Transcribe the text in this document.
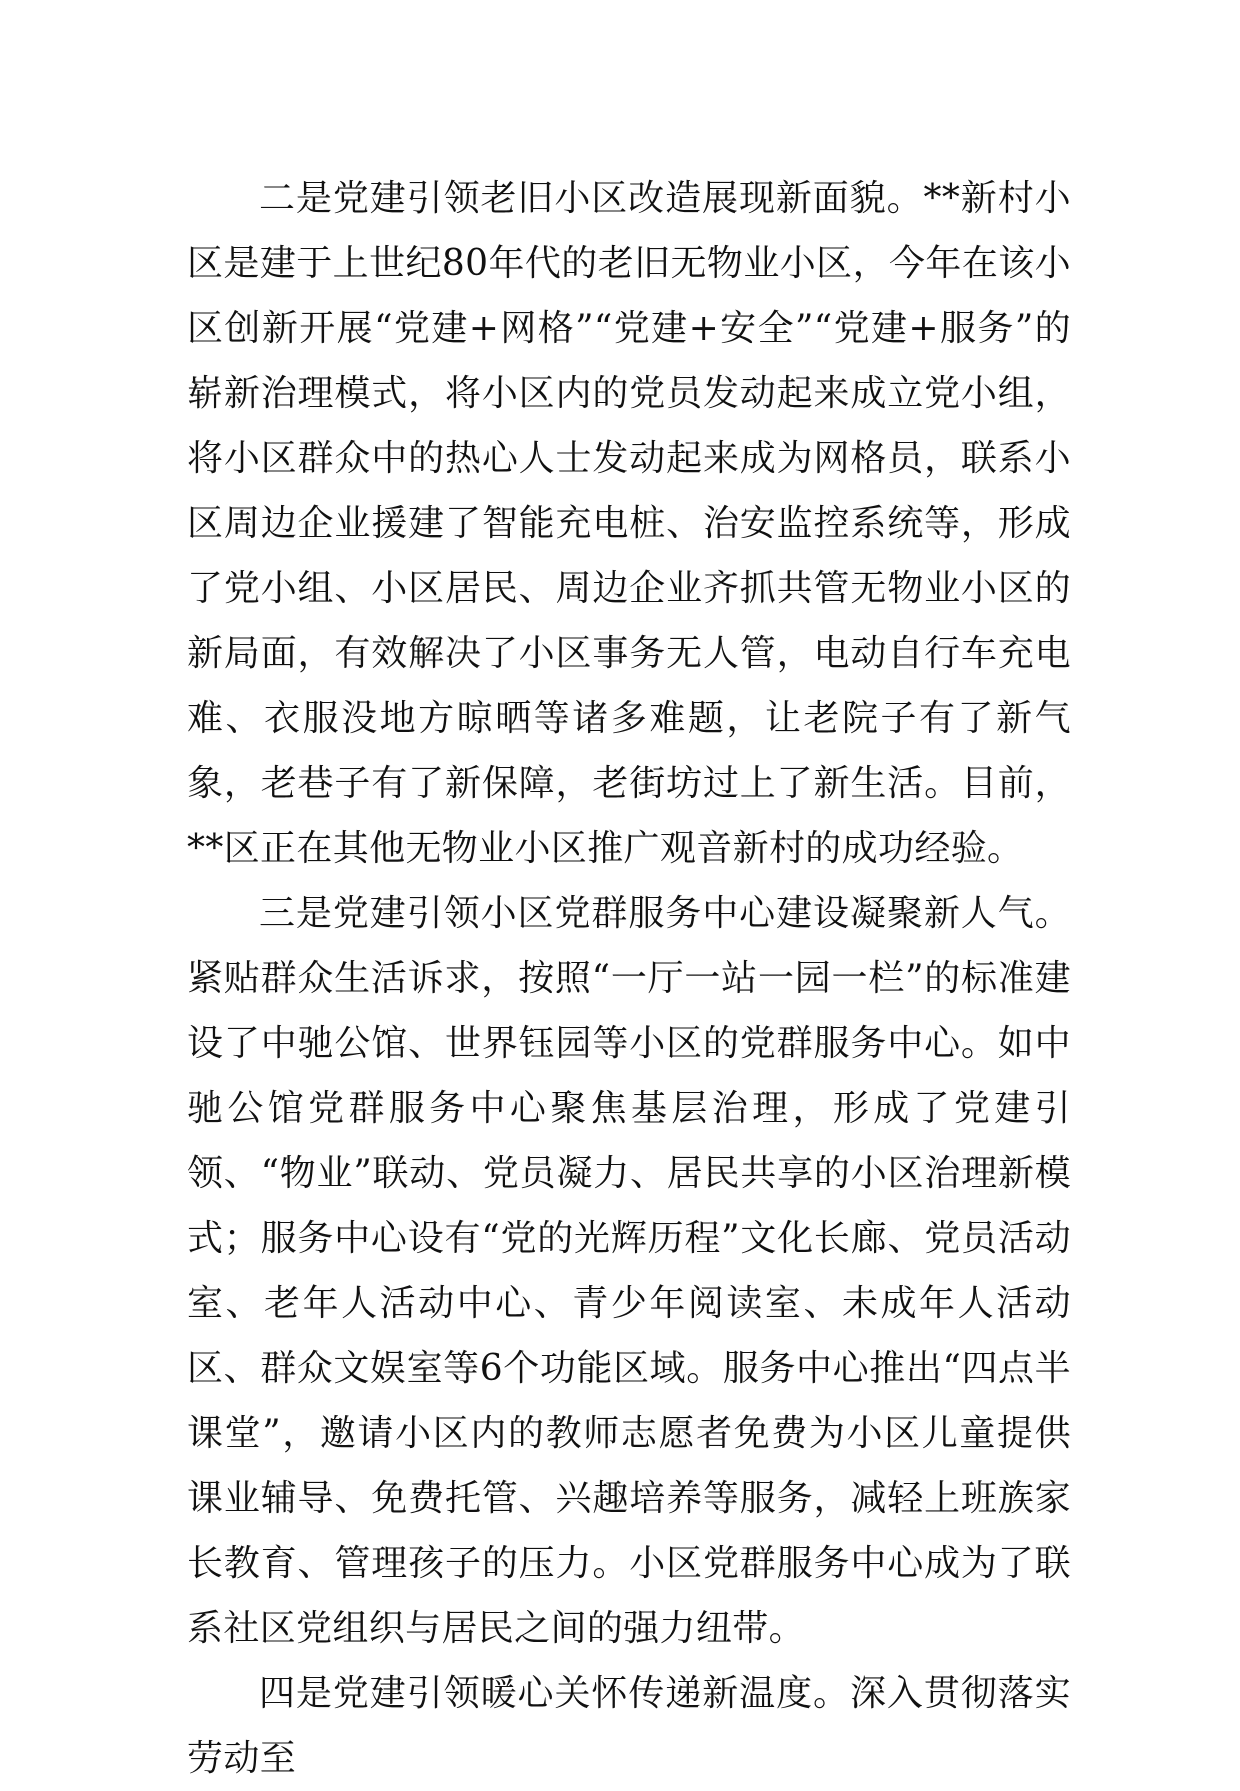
二是党建引领老旧小区改造展现新面貌。**新村小区是建于上世纪80年代的老旧无物业小区，今年在该小区创新开展“党建+网格”“党建+安全”“党建+服务”的崭新治理模式，将小区内的党员发动起来成立党小组，将小区群众中的热心人士发动起来成为网格员，联系小区周边企业援建了智能充电桩、治安监控系统等，形成了党小组、小区居民、周边企业齐抓共管无物业小区的新局面，有效解决了小区事务无人管，电动自行车充电难、衣服没地方晾晒等诸多难题，让老院子有了新气象，老巷子有了新保障，老街坊过上了新生活。目前，**区正在其他无物业小区推广观音新村的成功经验。

三是党建引领小区党群服务中心建设凝聚新人气。紧贴群众生活诉求，按照“一厅一站一园一栏”的标准建设了中驰公馆、世界钰园等小区的党群服务中心。如中驰公馆党群服务中心聚焦基层治理，形成了党建引领、“物业”联动、党员凝力、居民共享的小区治理新模式；服务中心设有“党的光辉历程”文化长廊、党员活动室、老年人活动中心、青少年阅读室、未成年人活动区、群众文娱室等6个功能区域。服务中心推出“四点半课堂”，邀请小区内的教师志愿者免费为小区儿童提供课业辅导、免费托管、兴趣培养等服务，减轻上班族家长教育、管理孩子的压力。小区党群服务中心成为了联系社区党组织与居民之间的强力纽带。

四是党建引领暖心关怀传递新温度。深入贯彻落实劳动至
